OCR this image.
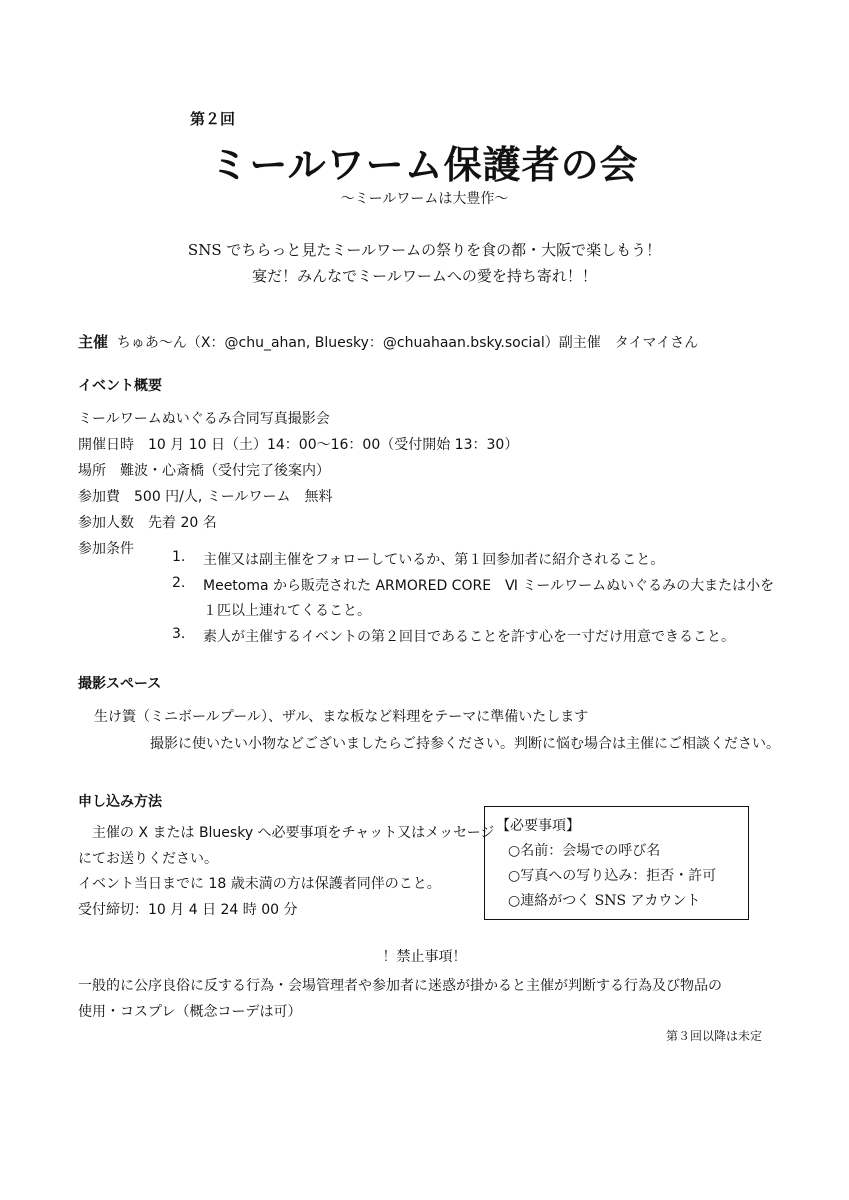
第２回
ミールワーム保護者の会
～ミールワームは大豊作～
SNS でちらっと見たミールワームの祭りを食の都・大阪で楽しもう！
宴だ！みんなでミールワームへの愛を持ち寄れ！！
主催 ちゅあ～ん（X：@chu_ahan, Bluesky：@chuahaan.bsky.social）副主催　タイマイさん
イベント概要
ミールワームぬいぐるみ合同写真撮影会
開催日時　10 月 10 日（土）14：00～16：00（受付開始 13：30）
場所　難波・心斎橋（受付完了後案内）
参加費　500 円/人, ミールワーム　無料
参加人数　先着 20 名
参加条件	1. 主催又は副主催をフォローしているか、第１回参加者に紹介されること。
2. Meetoma から販売された ARMORED CORE　Ⅵ ミールワームぬいぐるみの大または小を
１匹以上連れてくること。
3. 素人が主催するイベントの第２回目であることを許す心を一寸だけ用意できること。
撮影スペース
生け簀（ミニボールプール）、ザル、まな板など料理をテーマに準備いたします
撮影に使いたい小物などございましたらご持参ください。判断に悩む場合は主催にご相談ください。
申し込み方法
主催の X または Bluesky へ必要事項をチャット又はメッセージ
にてお送りください。
イベント当日までに 18 歳未満の方は保護者同伴のこと。
受付締切：10 月 4 日 24 時 00 分
【必要事項】
○名前：会場での呼び名
○写真への写り込み：拒否・許可
○連絡がつく SNS アカウント
！禁止事項！
一般的に公序良俗に反する行為・会場管理者や参加者に迷惑が掛かると主催が判断する行為及び物品の
使用・コスプレ（概念コーデは可）
第３回以降は未定
